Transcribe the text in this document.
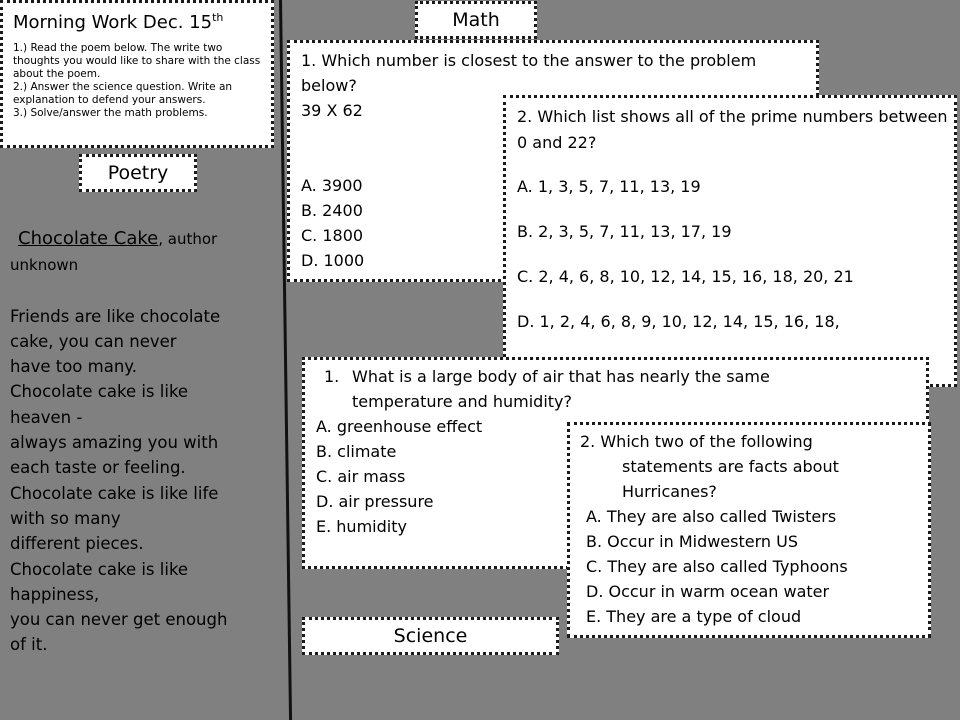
Morning Work Dec. 15th
1.) Read the poem below. The write two thoughts you would like to share with the class about the poem.
2.) Answer the science question. Write an explanation to defend your answers.
3.) Solve/answer the math problems.
Poetry
Math
Science
Chocolate Cake, author unknown
Friends are like chocolate
cake, you can never
have too many.
Chocolate cake is like
heaven -
always amazing you with
each taste or feeling.
Chocolate cake is like life
with so many
different pieces.
Chocolate cake is like
happiness,
you can never get enough
of it.
1. Which number is closest to the answer to the problem below?
39 X 62
A. 3900
B. 2400
C. 1800
D. 1000
2. Which list shows all of the prime numbers between 0 and 22?
A. 1, 3, 5, 7, 11, 13, 19
B. 2, 3, 5, 7, 11, 13, 17, 19
C. 2, 4, 6, 8, 10, 12, 14, 15, 16, 18, 20, 21
D. 1, 2, 4, 6, 8, 9, 10, 12, 14, 15, 16, 18,
1. What is a large body of air that has nearly the same
temperature and humidity?
A. greenhouse effect
B. climate
C. air mass
D. air pressure
E. humidity
2. Which two of the following
statements are facts about
Hurricanes?
A. They are also called Twisters
B. Occur in Midwestern US
C. They are also called Typhoons
D. Occur in warm ocean water
E. They are a type of cloud
